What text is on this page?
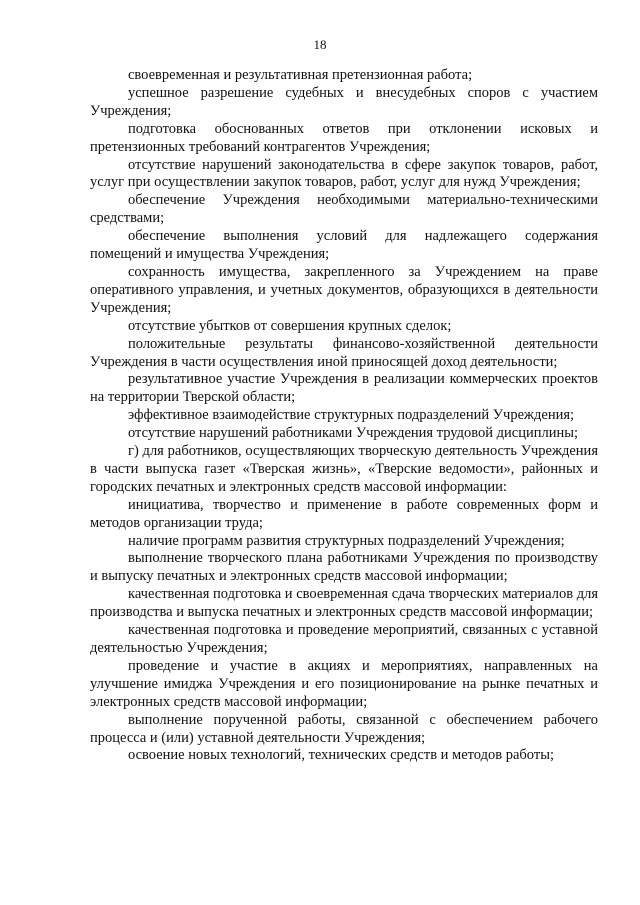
18

своевременная и результативная претензионная работа;

успешное разрешение судебных и внесудебных споров с участием Учреждения;

подготовка обоснованных ответов при отклонении исковых и претензионных требований контрагентов Учреждения;

отсутствие нарушений законодательства в сфере закупок товаров, работ, услуг при осуществлении закупок товаров, работ, услуг для нужд Учреждения;

обеспечение Учреждения необходимыми материально-техническими средствами;

обеспечение выполнения условий для надлежащего содержания помещений и имущества Учреждения;

сохранность имущества, закрепленного за Учреждением на праве оперативного управления, и учетных документов, образующихся в деятельности Учреждения;

отсутствие убытков от совершения крупных сделок;

положительные результаты финансово-хозяйственной деятельности Учреждения в части осуществления иной приносящей доход деятельности;

результативное участие Учреждения в реализации коммерческих проектов на территории Тверской области;

эффективное взаимодействие структурных подразделений Учреждения;

отсутствие нарушений работниками Учреждения трудовой дисциплины;

г) для работников, осуществляющих творческую деятельность Учреждения в части выпуска газет «Тверская жизнь», «Тверские ведомости», районных и городских печатных и электронных средств массовой информации:

инициатива, творчество и применение в работе современных форм и методов организации труда;

наличие программ развития структурных подразделений Учреждения;

выполнение творческого плана работниками Учреждения по производству и выпуску печатных и электронных средств массовой информации;

качественная подготовка и своевременная сдача творческих материалов для производства и выпуска печатных и электронных средств массовой информации;

качественная подготовка и проведение мероприятий, связанных с уставной деятельностью Учреждения;

проведение и участие в акциях и мероприятиях, направленных на улучшение имиджа Учреждения и его позиционирование на рынке печатных и электронных средств массовой информации;

выполнение порученной работы, связанной с обеспечением рабочего процесса и (или) уставной деятельности Учреждения;

освоение новых технологий, технических средств и методов работы;
